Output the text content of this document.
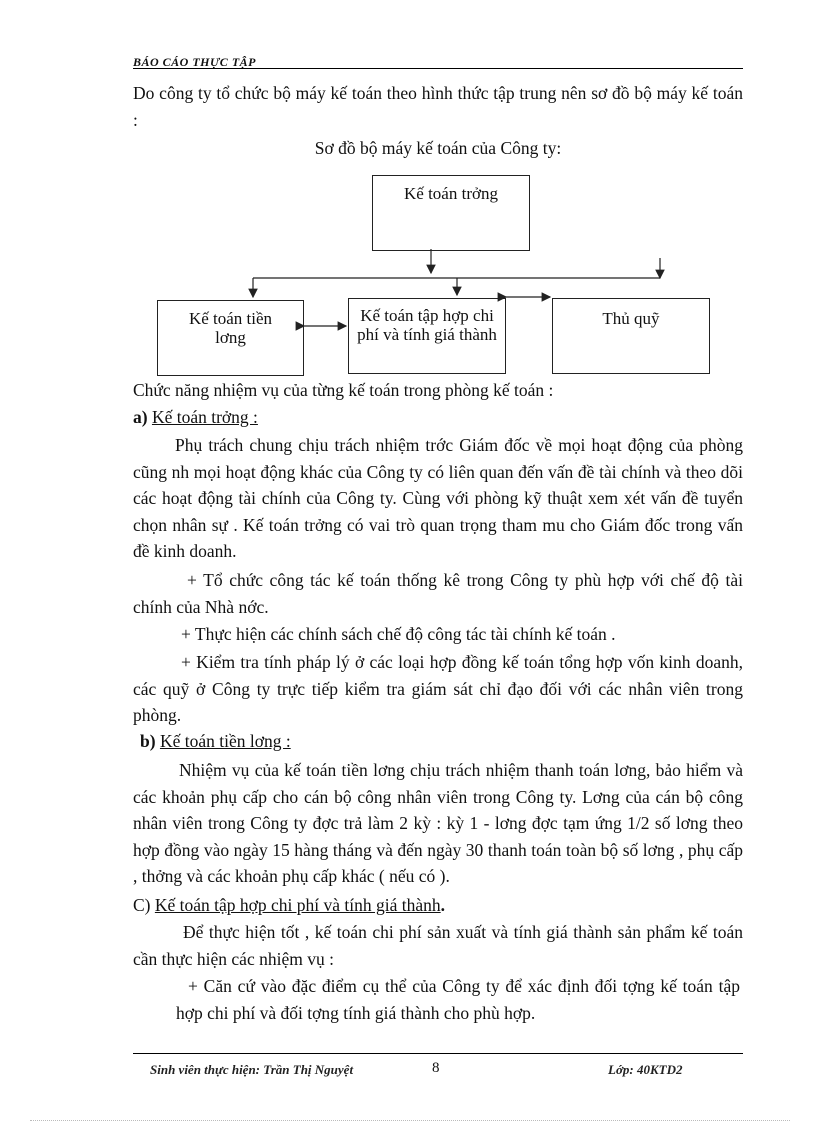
BÁO CÁO THỰC TẬP

Do công ty tổ chức bộ máy kế toán theo hình thức tập trung nên sơ đồ bộ máy kế toán :

Sơ đồ bộ máy kế toán của Công ty:
Kế toán trởng
Kế toán tiền lơng
Kế toán tập hợp chi phí và tính giá thành
Thủ quỹ
Chức năng nhiệm vụ của từng kế toán trong phòng kế toán :
a) Kế toán trởng :

Phụ trách chung chịu trách nhiệm trớc Giám đốc về mọi hoạt động của phòng cũng nh mọi hoạt động khác của Công ty có liên quan đến vấn đề tài chính và theo dõi các hoạt động tài chính của Công ty. Cùng với phòng kỹ thuật xem xét vấn đề tuyển chọn nhân sự . Kế toán trởng có vai trò quan trọng tham mu cho Giám đốc trong vấn đề kinh doanh.

+ Tổ chức công tác kế toán thống kê trong Công ty phù hợp với chế độ tài chính của Nhà nớc.

+ Thực hiện các chính sách chế độ công tác tài chính kế toán .

+ Kiểm tra tính pháp lý ở các loại hợp đồng kế toán tổng hợp vốn kinh doanh, các quỹ ở Công ty trực tiếp kiểm tra giám sát chỉ đạo đối với các nhân viên trong phòng.

b) Kế toán tiền lơng :

Nhiệm vụ của kế toán tiền lơng chịu trách nhiệm thanh toán lơng, bảo hiểm và các khoản phụ cấp cho cán bộ công nhân viên trong Công ty. Lơng của cán bộ công nhân viên trong Công ty đợc trả làm 2 kỳ : kỳ 1 - lơng đợc tạm ứng 1/2 số lơng theo hợp đồng vào ngày 15 hàng tháng và đến ngày 30 thanh toán toàn bộ số lơng , phụ cấp , thởng và các khoản phụ cấp khác ( nếu có ).

C) Kế toán tập hợp chi phí và tính giá thành.

Để thực hiện tốt , kế toán chi phí sản xuất và tính giá thành sản phẩm kế toán cần thực hiện các nhiệm vụ :

+ Căn cứ vào đặc điểm cụ thể của Công ty để xác định đối tợng kế toán tập hợp chi phí và đối tợng tính giá thành cho phù hợp.

Sinh viên thực hiện: Trần Thị Nguyệt	8	Lớp: 40KTD2
